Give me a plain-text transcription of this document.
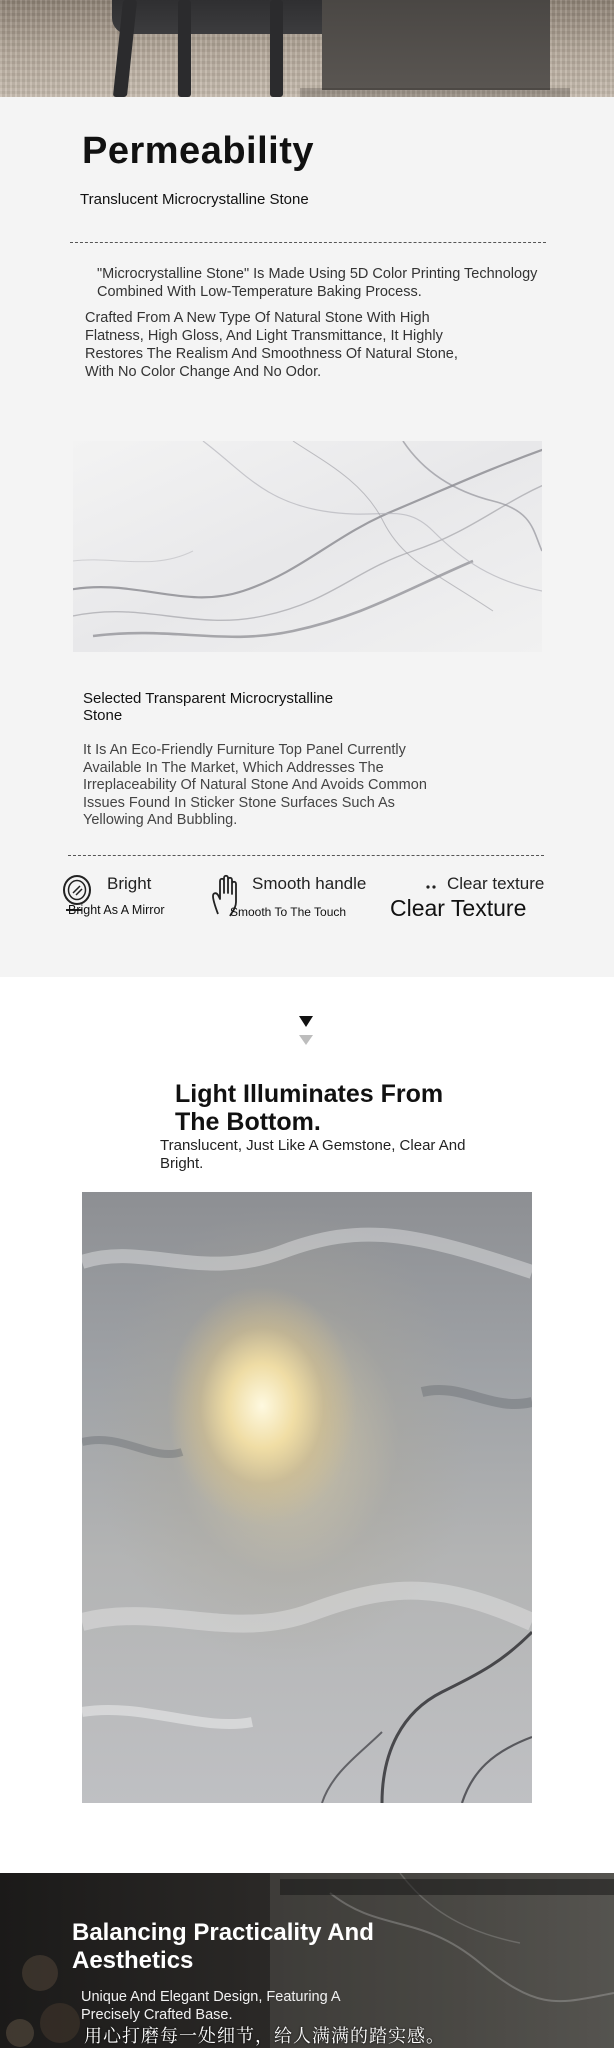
Permeability
Translucent Microcrystalline Stone
"Microcrystalline Stone" Is Made Using 5D Color Printing Technology Combined With Low-Temperature Baking Process.
Crafted From A New Type Of Natural Stone With High Flatness, High Gloss, And Light Transmittance, It Highly Restores The Realism And Smoothness Of Natural Stone, With No Color Change And No Odor.
Selected Transparent Microcrystalline Stone
It Is An Eco-Friendly Furniture Top Panel Currently Available In The Market, Which Addresses The Irreplaceability Of Natural Stone And Avoids Common Issues Found In Sticker Stone Surfaces Such As Yellowing And Bubbling.
Bright
Bright As A Mirror
Smooth handle
Smooth To The Touch
Clear texture
Clear Texture
Light Illuminates From The Bottom.
Translucent, Just Like A Gemstone, Clear And Bright.
Balancing Practicality And Aesthetics
Unique And Elegant Design, Featuring A Precisely Crafted Base.
用心打磨每一处细节，给人满满的踏实感。
